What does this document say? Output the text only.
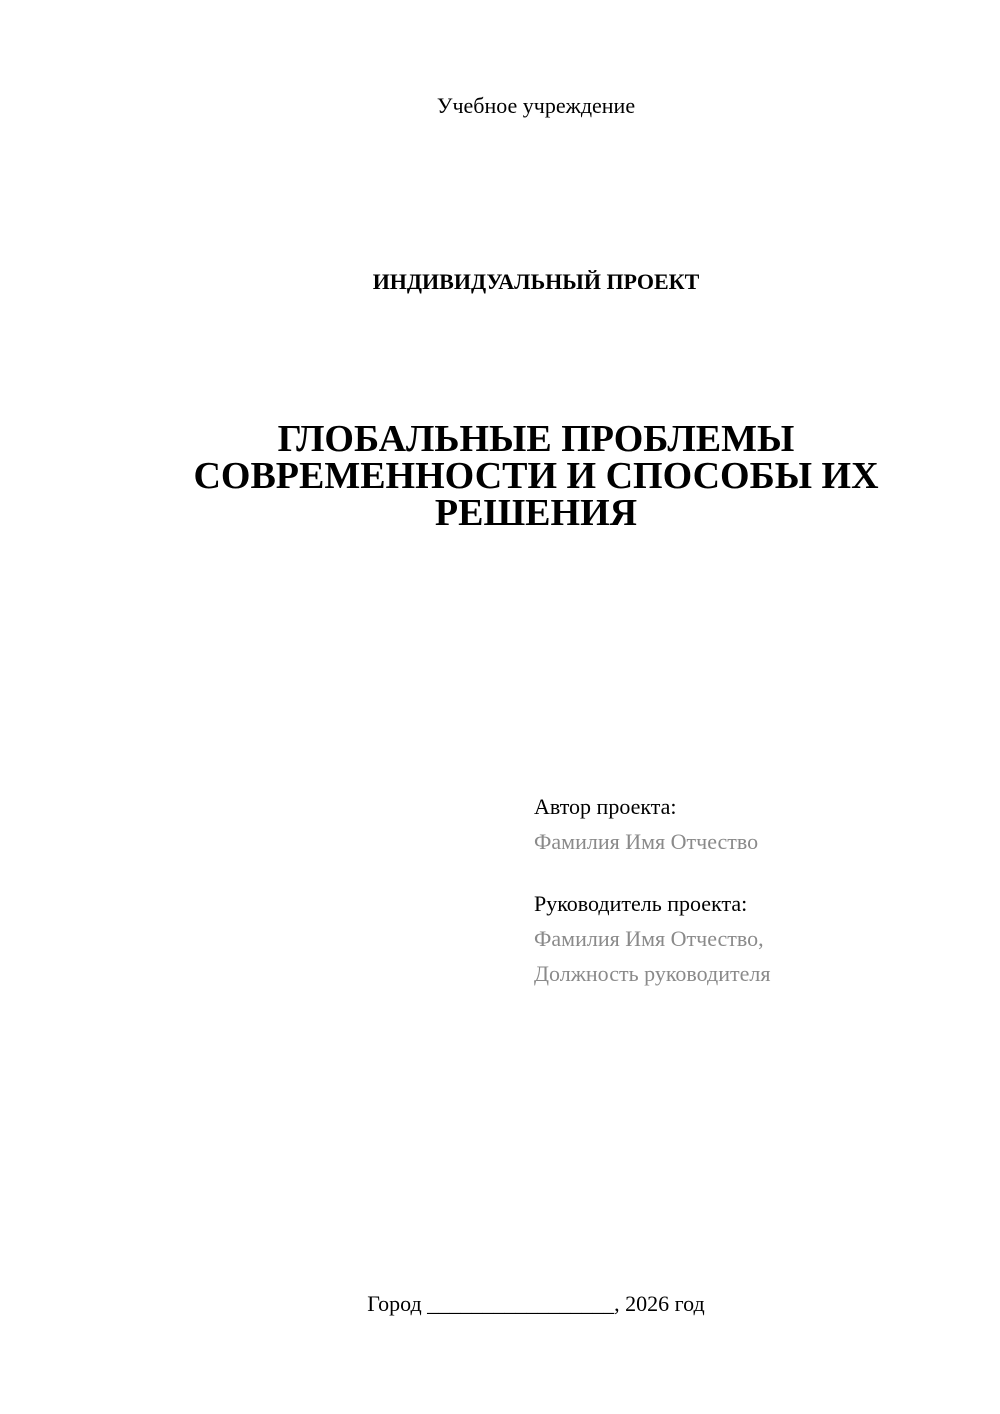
Учебное учреждение
ИНДИВИДУАЛЬНЫЙ ПРОЕКТ
ГЛОБАЛЬНЫЕ ПРОБЛЕМЫ
СОВРЕМЕННОСТИ И СПОСОБЫ ИХ
РЕШЕНИЯ
Автор проекта:
Фамилия Имя Отчество
Руководитель проекта:
Фамилия Имя Отчество,
Должность руководителя
Город _________________, 2026 год
